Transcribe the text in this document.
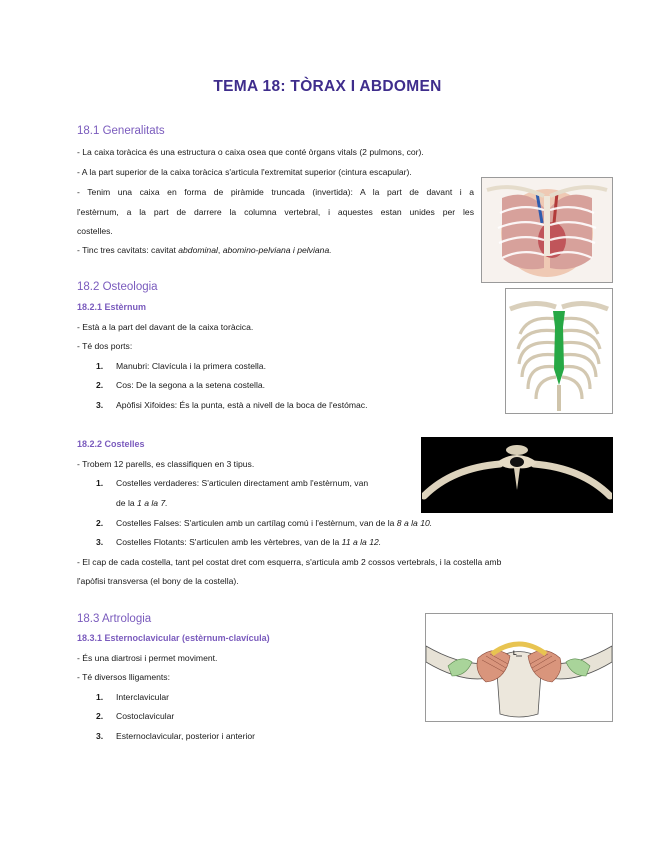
TEMA 18: TÒRAX I ABDOMEN
18.1 Generalitats

- La caixa toràcica és una estructura o caixa osea que conté òrgans vitals (2 pulmons, cor).

- A la part superior de la caixa toràcica s'articula l'extremitat superior (cintura escapular).

- Tenim una caixa en forma de piràmide truncada (invertida): A la part de davant i a

l'estèrnum, a la part de darrere la columna vertebral, i aquestes estan unides per les

costelles.

- Tinc tres cavitats: cavitat abdominal, abomino-pelviana i pelviana.

18.2 Osteologia
18.2.1 Estèrnum

- Està a la part del davant de la caixa toràcica.

- Té dos ports:

1. Manubri: Clavícula i la primera costella.
2. Cos: De la segona a la setena costella.
3. Apòfisi Xifoides: És la punta, està a nivell de la boca de l'estómac.
18.2.2 Costelles

- Trobem 12 parells, es classifiquen en 3 tipus.

1. Costelles verdaderes: S'articulen directament amb l'estèrnum, van
de la 1 a la 7.
2. Costelles Falses: S'articulen amb un cartílag comú i l'estèrnum, van de la 8 a la 10.
3. Costelles Flotants: S'articulen amb les vèrtebres, van de la 11 a la 12.

- El cap de cada costella, tant pel costat dret com esquerra, s'articula amb 2 cossos vertebrals, i la costella amb

l'apòfisi transversa (el bony de la costella).

18.3 Artrologia
18.3.1 Esternoclavicular (estèrnum-clavícula)

- És una diartrosi i permet moviment.

- Té diversos lligaments:

1. Interclavicular
2. Costoclavicular
3. Esternoclavicular, posterior i anterior
L
